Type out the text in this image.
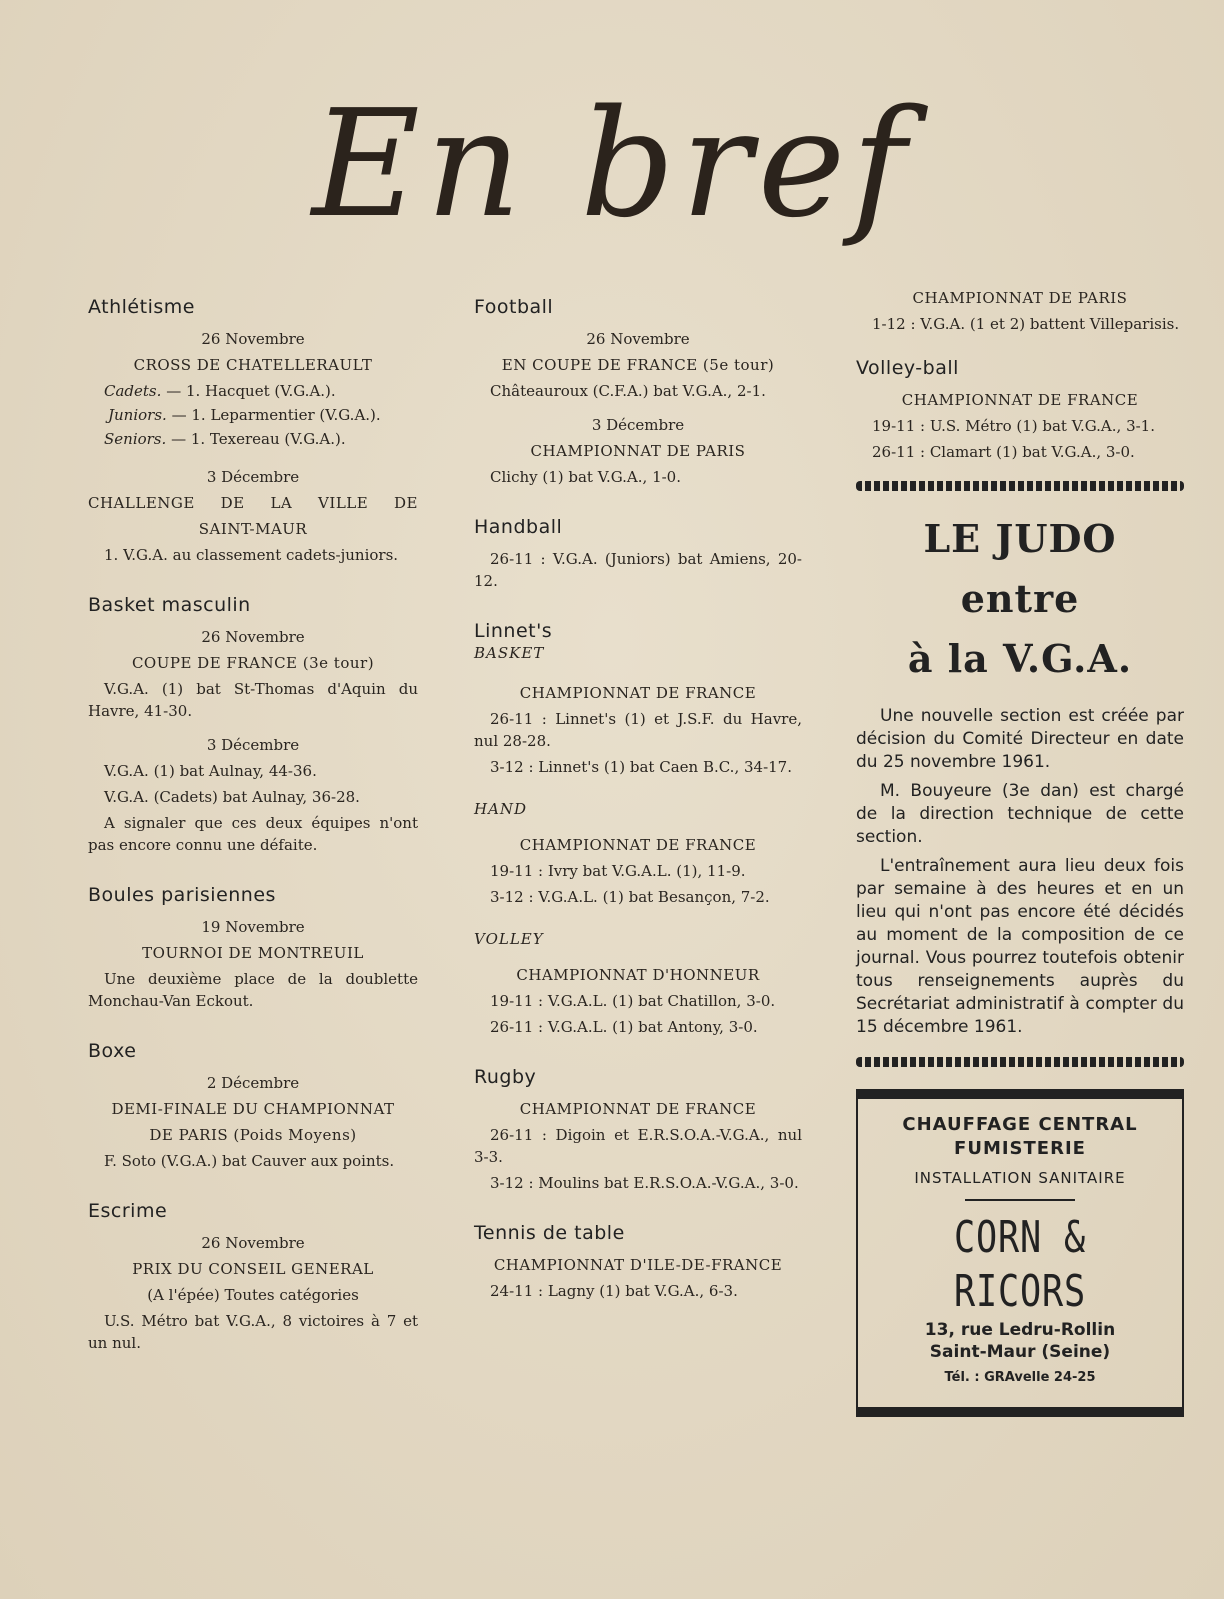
En bref
Athlétisme
26 Novembre
CROSS DE CHATELLERAULT
Cadets. — 1. Hacquet (V.G.A.).
Juniors. — 1. Leparmentier (V.G.A.).
Seniors. — 1. Texereau (V.G.A.).
3 Décembre
CHALLENGE DE LA VILLE DE
SAINT-MAUR
1. V.G.A. au classement cadets-juniors.
Basket masculin
26 Novembre
COUPE DE FRANCE (3e tour)
V.G.A. (1) bat St-Thomas d'Aquin du Havre, 41-30.
3 Décembre
V.G.A. (1) bat Aulnay, 44-36.
V.G.A. (Cadets) bat Aulnay, 36-28.
A signaler que ces deux équipes n'ont pas encore connu une défaite.
Boules parisiennes
19 Novembre
TOURNOI DE MONTREUIL
Une deuxième place de la doublette Monchau-Van Eckout.
Boxe
2 Décembre
DEMI-FINALE DU CHAMPIONNAT
DE PARIS (Poids Moyens)
F. Soto (V.G.A.) bat Cauver aux points.
Escrime
26 Novembre
PRIX DU CONSEIL GENERAL
(A l'épée) Toutes catégories
U.S. Métro bat V.G.A., 8 victoires à 7 et un nul.
Football
26 Novembre
EN COUPE DE FRANCE (5e tour)
Châteauroux (C.F.A.) bat V.G.A., 2-1.
3 Décembre
CHAMPIONNAT DE PARIS
Clichy (1) bat V.G.A., 1-0.
Handball
26-11 : V.G.A. (Juniors) bat Amiens, 20-12.
Linnet's
BASKET
CHAMPIONNAT DE FRANCE
26-11 : Linnet's (1) et J.S.F. du Havre, nul 28-28.
3-12 : Linnet's (1) bat Caen B.C., 34-17.
HAND
CHAMPIONNAT DE FRANCE
19-11 : Ivry bat V.G.A.L. (1), 11-9.
3-12 : V.G.A.L. (1) bat Besançon, 7-2.
VOLLEY
CHAMPIONNAT D'HONNEUR
19-11 : V.G.A.L. (1) bat Chatillon, 3-0.
26-11 : V.G.A.L. (1) bat Antony, 3-0.
Rugby
CHAMPIONNAT DE FRANCE
26-11 : Digoin et E.R.S.O.A.-V.G.A., nul 3-3.
3-12 : Moulins bat E.R.S.O.A.-V.G.A., 3-0.
Tennis de table
CHAMPIONNAT D'ILE-DE-FRANCE
24-11 : Lagny (1) bat V.G.A., 6-3.
CHAMPIONNAT DE PARIS
1-12 : V.G.A. (1 et 2) battent Villeparisis.
Volley-ball
CHAMPIONNAT DE FRANCE
19-11 : U.S. Métro (1) bat V.G.A., 3-1.
26-11 : Clamart (1) bat V.G.A., 3-0.
LE JUDO
entre
à la V.G.A.

Une nouvelle section est créée par décision du Comité Directeur en date du 25 novembre 1961.

M. Bouyeure (3e dan) est chargé de la direction technique de cette section.

L'entraînement aura lieu deux fois par semaine à des heures et en un lieu qui n'ont pas encore été décidés au moment de la composition de ce journal. Vous pourrez toutefois obtenir tous renseignements auprès du Secrétariat administratif à compter du 15 décembre 1961.

CHAUFFAGE CENTRAL
FUMISTERIE
INSTALLATION SANITAIRE
CORN & RICORS
13, rue Ledru-Rollin
Saint-Maur (Seine)
Tél. : GRAvelle 24-25
